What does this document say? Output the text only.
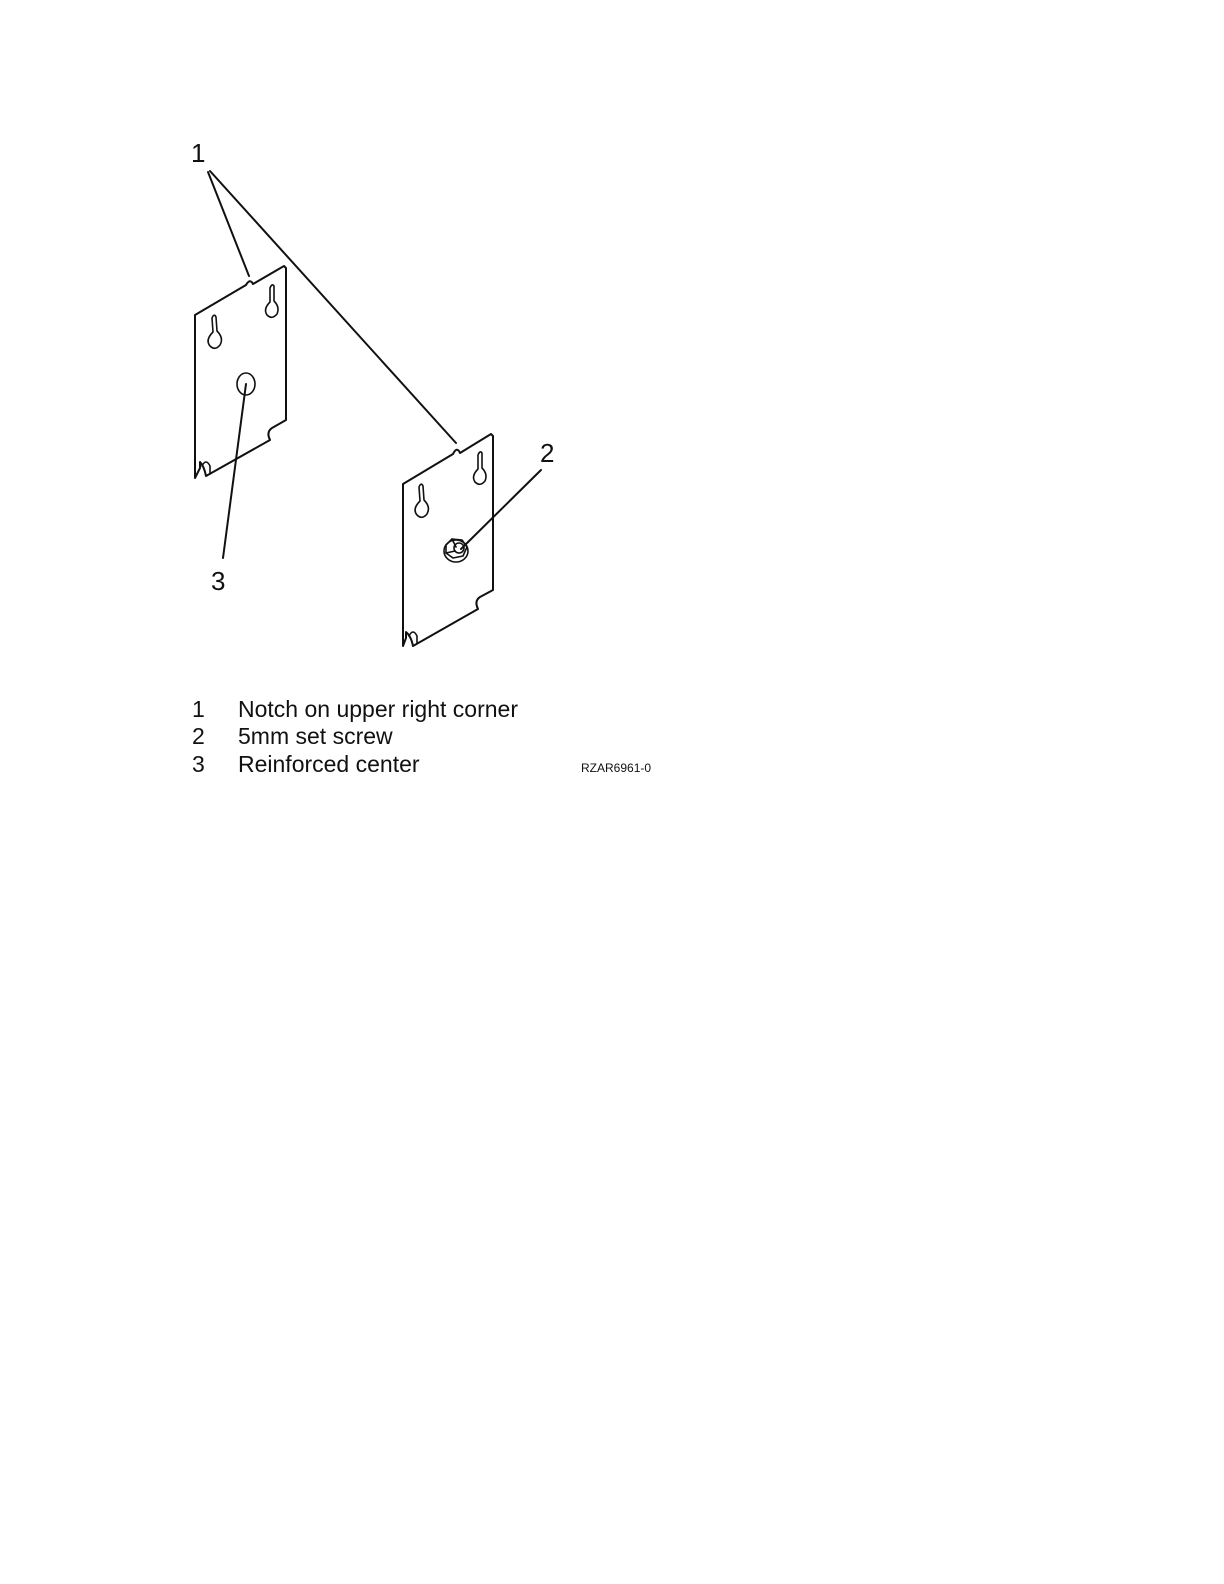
1
2
3
1 Notch on upper right corner
2 5mm set screw
3 Reinforced center	RZAR6961-0
